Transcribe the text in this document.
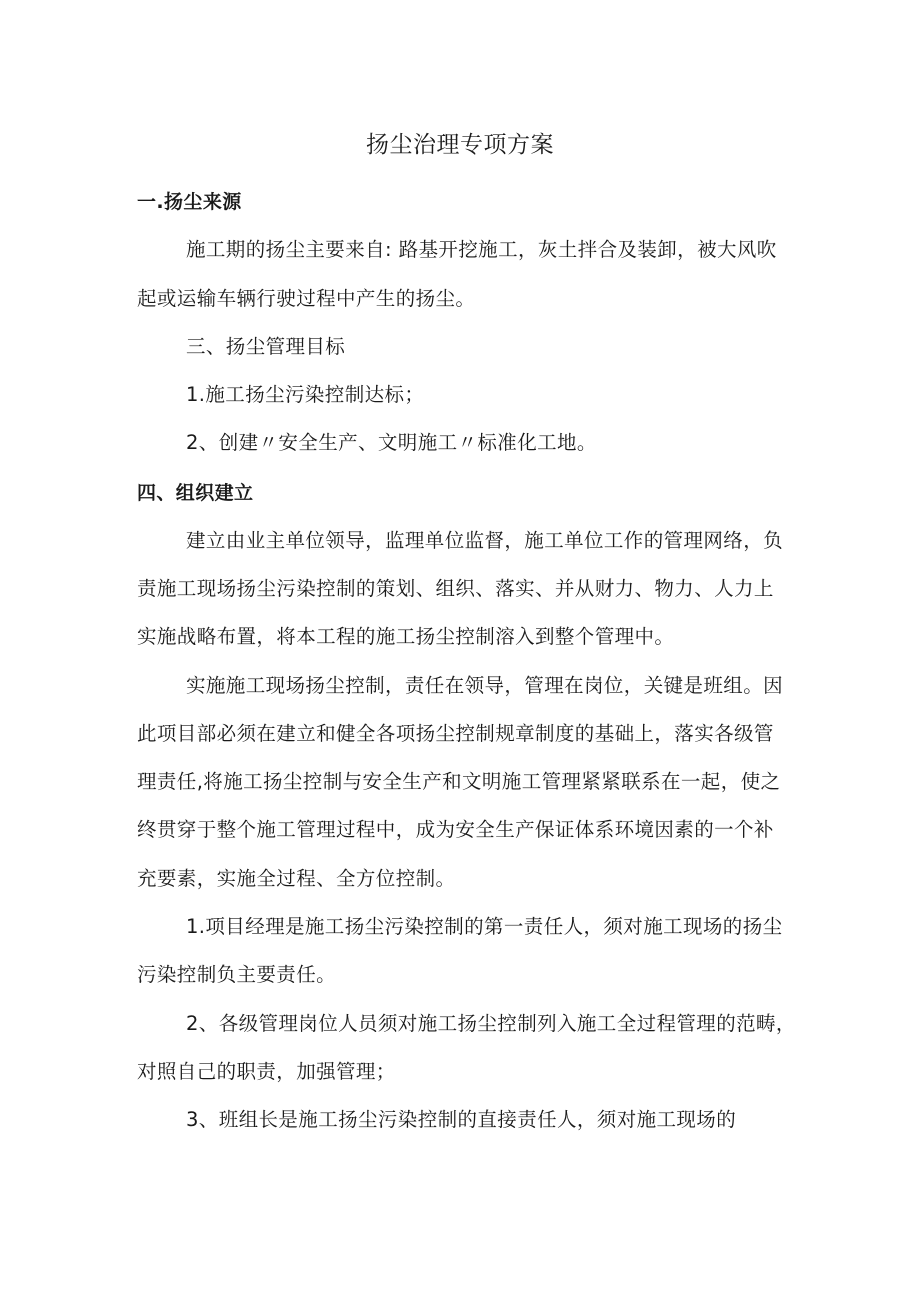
扬尘治理专项方案
一.扬尘来源
施工期的扬尘主要来自: 路基开挖施工，灰土拌合及装卸，被大风吹
起或运输车辆行驶过程中产生的扬尘。
三、扬尘管理目标
1.施工扬尘污染控制达标；
2、创建〃安全生产、文明施工〃标准化工地。
四、组织建立
建立由业主单位领导，监理单位监督，施工单位工作的管理网络，负
责施工现场扬尘污染控制的策划、组织、落实、并从财力、物力、人力上
实施战略布置，将本工程的施工扬尘控制溶入到整个管理中。
实施施工现场扬尘控制，责任在领导，管理在岗位，关键是班组。因
此项目部必须在建立和健全各项扬尘控制规章制度的基础上，落实各级管
理责任,将施工扬尘控制与安全生产和文明施工管理紧紧联系在一起，使之
终贯穿于整个施工管理过程中，成为安全生产保证体系环境因素的一个补
充要素，实施全过程、全方位控制。
1.项目经理是施工扬尘污染控制的第一责任人，须对施工现场的扬尘
污染控制负主要责任。
2、各级管理岗位人员须对施工扬尘控制列入施工全过程管理的范畴，
对照自己的职责，加强管理；
3、班组长是施工扬尘污染控制的直接责任人，须对施工现场的
